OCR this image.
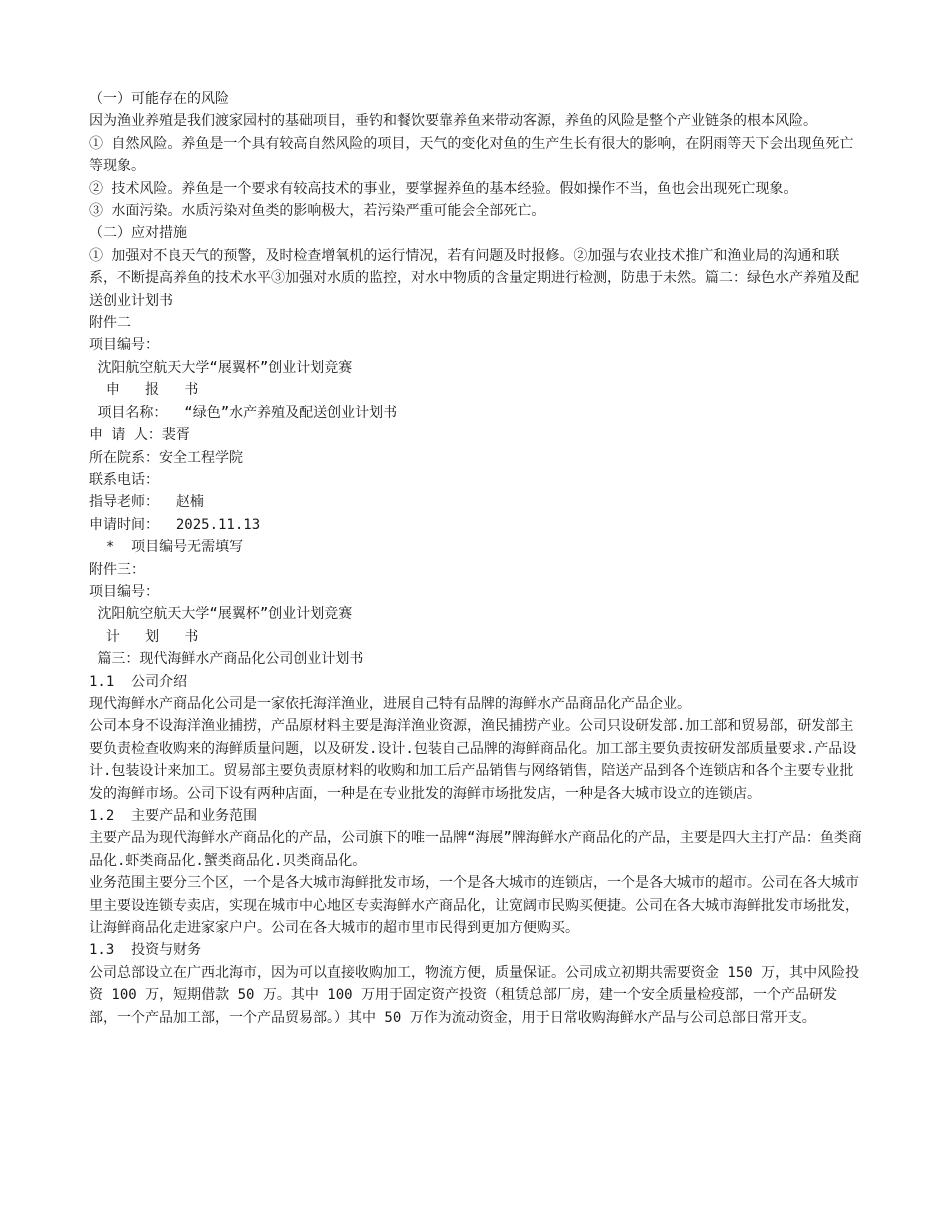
（一）可能存在的风险

因为渔业养殖是我们渡家园村的基础项目，垂钓和餐饮要靠养鱼来带动客源，养鱼的风险是整个产业链条的根本风险。

① 自然风险。养鱼是一个具有较高自然风险的项目，天气的变化对鱼的生产生长有很大的影响，在阴雨等天下会出现鱼死亡等现象。

② 技术风险。养鱼是一个要求有较高技术的事业，要掌握养鱼的基本经验。假如操作不当，鱼也会出现死亡现象。

③ 水面污染。水质污染对鱼类的影响极大，若污染严重可能会全部死亡。

（二）应对措施

① 加强对不良天气的预警，及时检查增氧机的运行情况，若有问题及时报修。②加强与农业技术推广和渔业局的沟通和联系，不断提高养鱼的技术水平③加强对水质的监控，对水中物质的含量定期进行检测，防患于未然。篇二：绿色水产养殖及配送创业计划书

附件二

项目编号：

沈阳航空航天大学“展翼杯”创业计划竞赛

申   报   书

项目名称：  “绿色”水产养殖及配送创业计划书

申 请 人：裴胥

所在院系：安全工程学院

联系电话：

指导老师：  赵楠

申请时间：  2025.11.13

*  项目编号无需填写

附件三：

项目编号：

沈阳航空航天大学“展翼杯”创业计划竞赛

计   划   书

篇三：现代海鲜水产商品化公司创业计划书

1.1  公司介绍

现代海鲜水产商品化公司是一家依托海洋渔业，进展自己特有品牌的海鲜水产品商品化产品企业。

公司本身不设海洋渔业捕捞，产品原材料主要是海洋渔业资源，渔民捕捞产业。公司只设研发部.加工部和贸易部，研发部主要负责检查收购来的海鲜质量问题，以及研发.设计.包装自己品牌的海鲜商品化。加工部主要负责按研发部质量要求.产品设计.包装设计来加工。贸易部主要负责原材料的收购和加工后产品销售与网络销售，陪送产品到各个连锁店和各个主要专业批发的海鲜市场。公司下设有两种店面，一种是在专业批发的海鲜市场批发店，一种是各大城市设立的连锁店。

1.2  主要产品和业务范围

主要产品为现代海鲜水产商品化的产品，公司旗下的唯一品牌“海展”牌海鲜水产商品化的产品，主要是四大主打产品：鱼类商品化.虾类商品化.蟹类商品化.贝类商品化。

业务范围主要分三个区，一个是各大城市海鲜批发市场，一个是各大城市的连锁店，一个是各大城市的超市。公司在各大城市里主要设连锁专卖店，实现在城市中心地区专卖海鲜水产商品化，让宽阔市民购买便捷。公司在各大城市海鲜批发市场批发，让海鲜商品化走进家家户户。公司在各大城市的超市里市民得到更加方便购买。

1.3  投资与财务

公司总部设立在广西北海市，因为可以直接收购加工，物流方便，质量保证。公司成立初期共需要资金 150 万，其中风险投资 100 万，短期借款 50 万。其中 100 万用于固定资产投资（租赁总部厂房，建一个安全质量检疫部，一个产品研发部，一个产品加工部，一个产品贸易部。）其中 50 万作为流动资金，用于日常收购海鲜水产品与公司总部日常开支。
